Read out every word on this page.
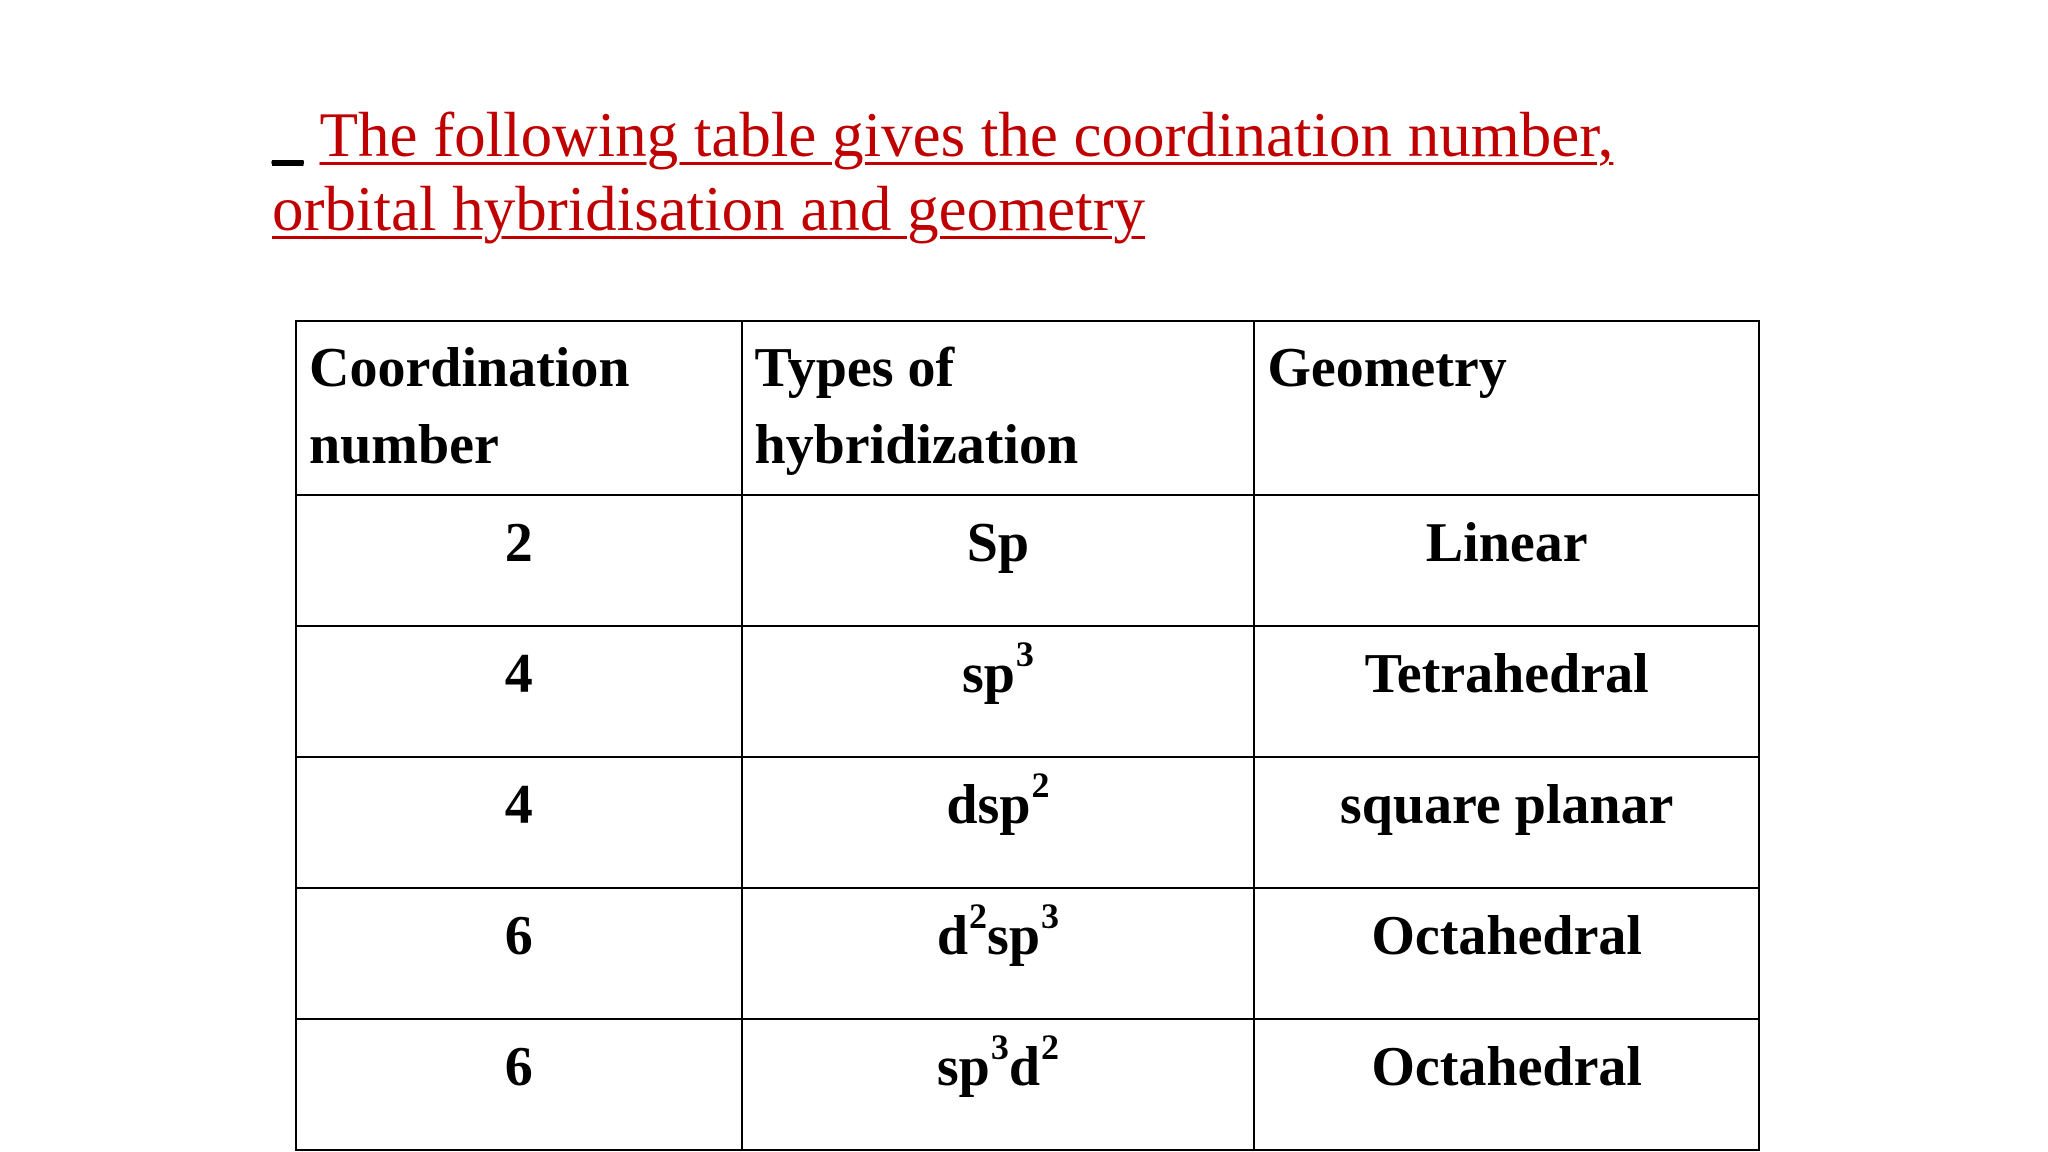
_ The following table gives the coordination number,
orbital hybridisation and geometry
Coordination number	Types of hybridization	Geometry
2	Sp	Linear
4	$sp^3$	Tetrahedral
4	dsp$^2$	square planar
6	$d^2sp^3$	Octahedral
6	$sp^3d^2$	Octahedral
